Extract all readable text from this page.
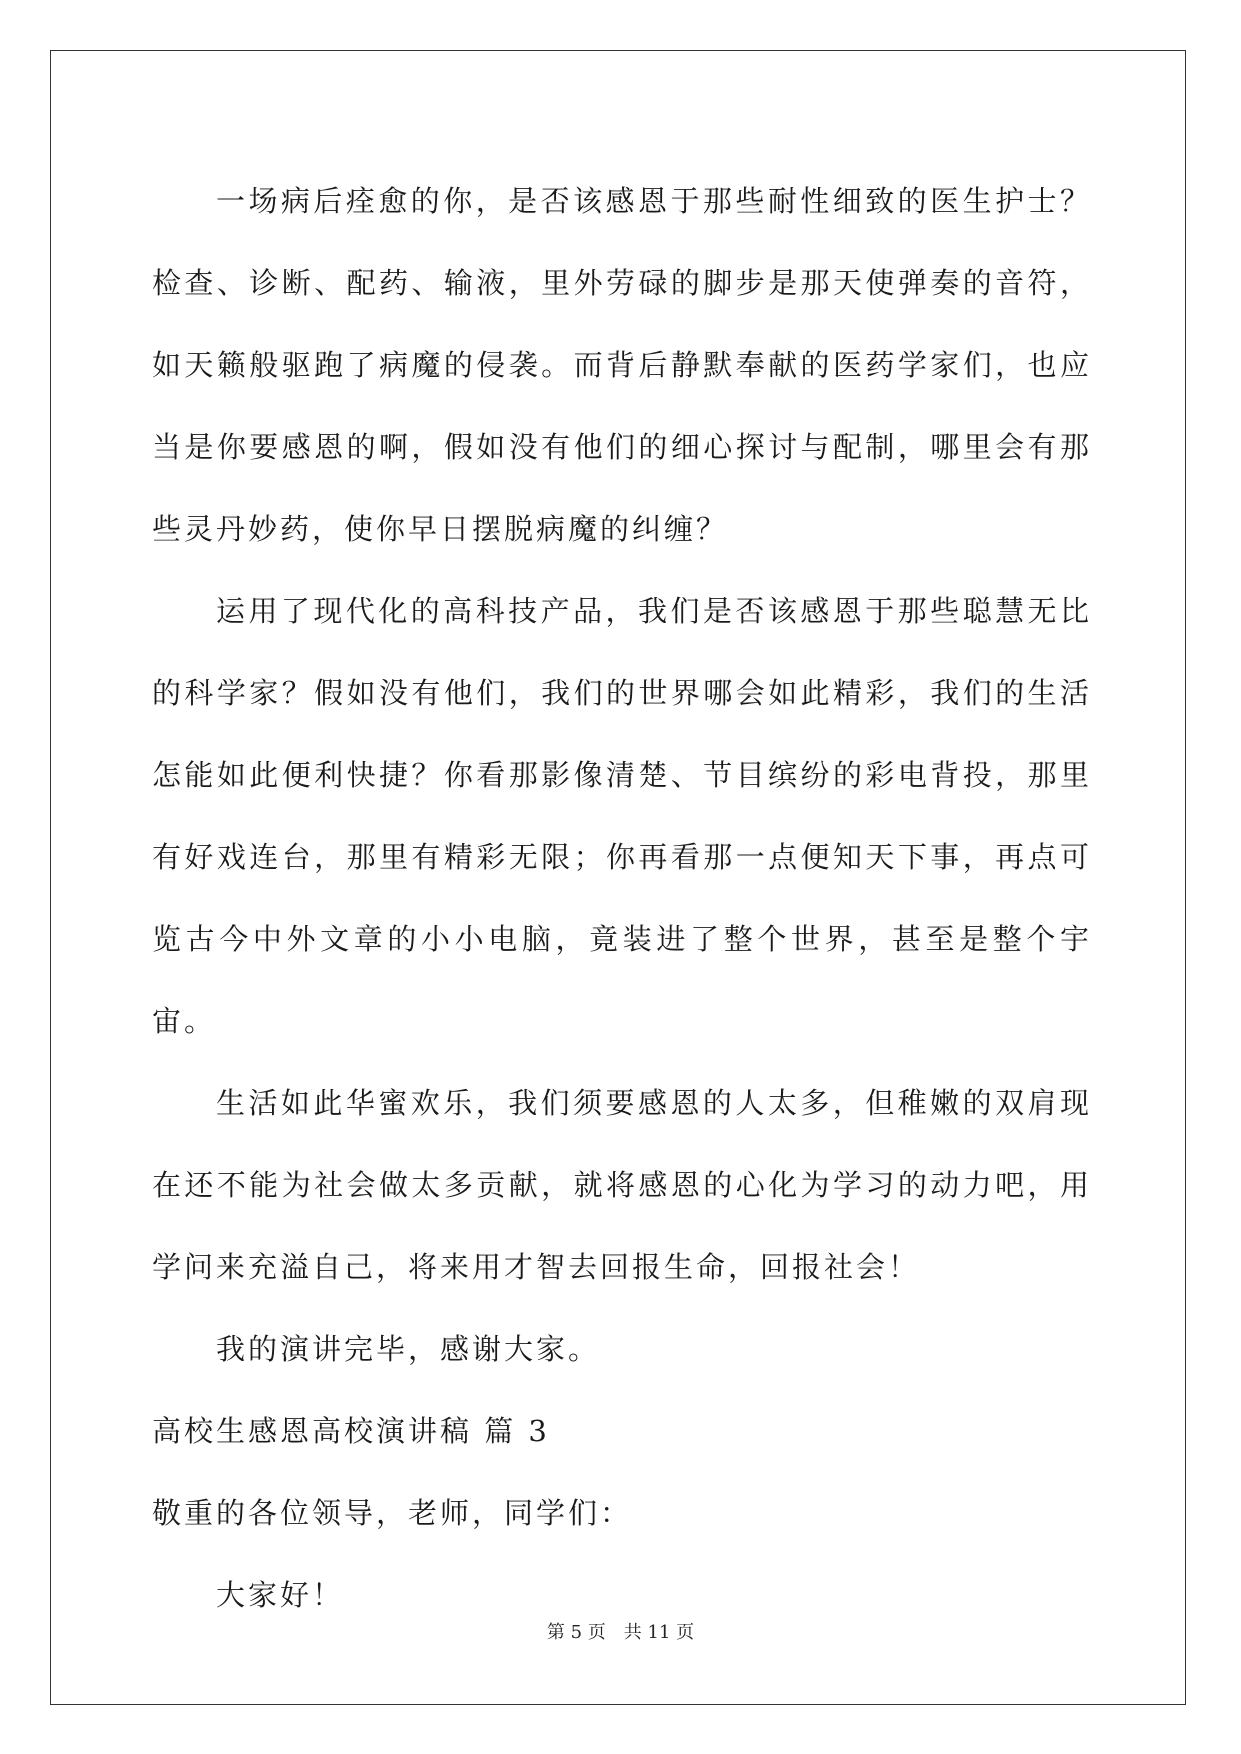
一场病后痊愈的你，是否该感恩于那些耐性细致的医生护士？检查、诊断、配药、输液，里外劳碌的脚步是那天使弹奏的音符，如天籁般驱跑了病魔的侵袭。而背后静默奉献的医药学家们，也应当是你要感恩的啊，假如没有他们的细心探讨与配制，哪里会有那些灵丹妙药，使你早日摆脱病魔的纠缠？

运用了现代化的高科技产品，我们是否该感恩于那些聪慧无比的科学家？假如没有他们，我们的世界哪会如此精彩，我们的生活怎能如此便利快捷？你看那影像清楚、节目缤纷的彩电背投，那里有好戏连台，那里有精彩无限；你再看那一点便知天下事，再点可览古今中外文章的小小电脑，竟装进了整个世界，甚至是整个宇宙。

生活如此华蜜欢乐，我们须要感恩的人太多，但稚嫩的双肩现在还不能为社会做太多贡献，就将感恩的心化为学习的动力吧，用学问来充溢自己，将来用才智去回报生命，回报社会！

我的演讲完毕，感谢大家。

高校生感恩高校演讲稿 篇 3

敬重的各位领导，老师，同学们：

大家好！

第 5 页 共 11 页
